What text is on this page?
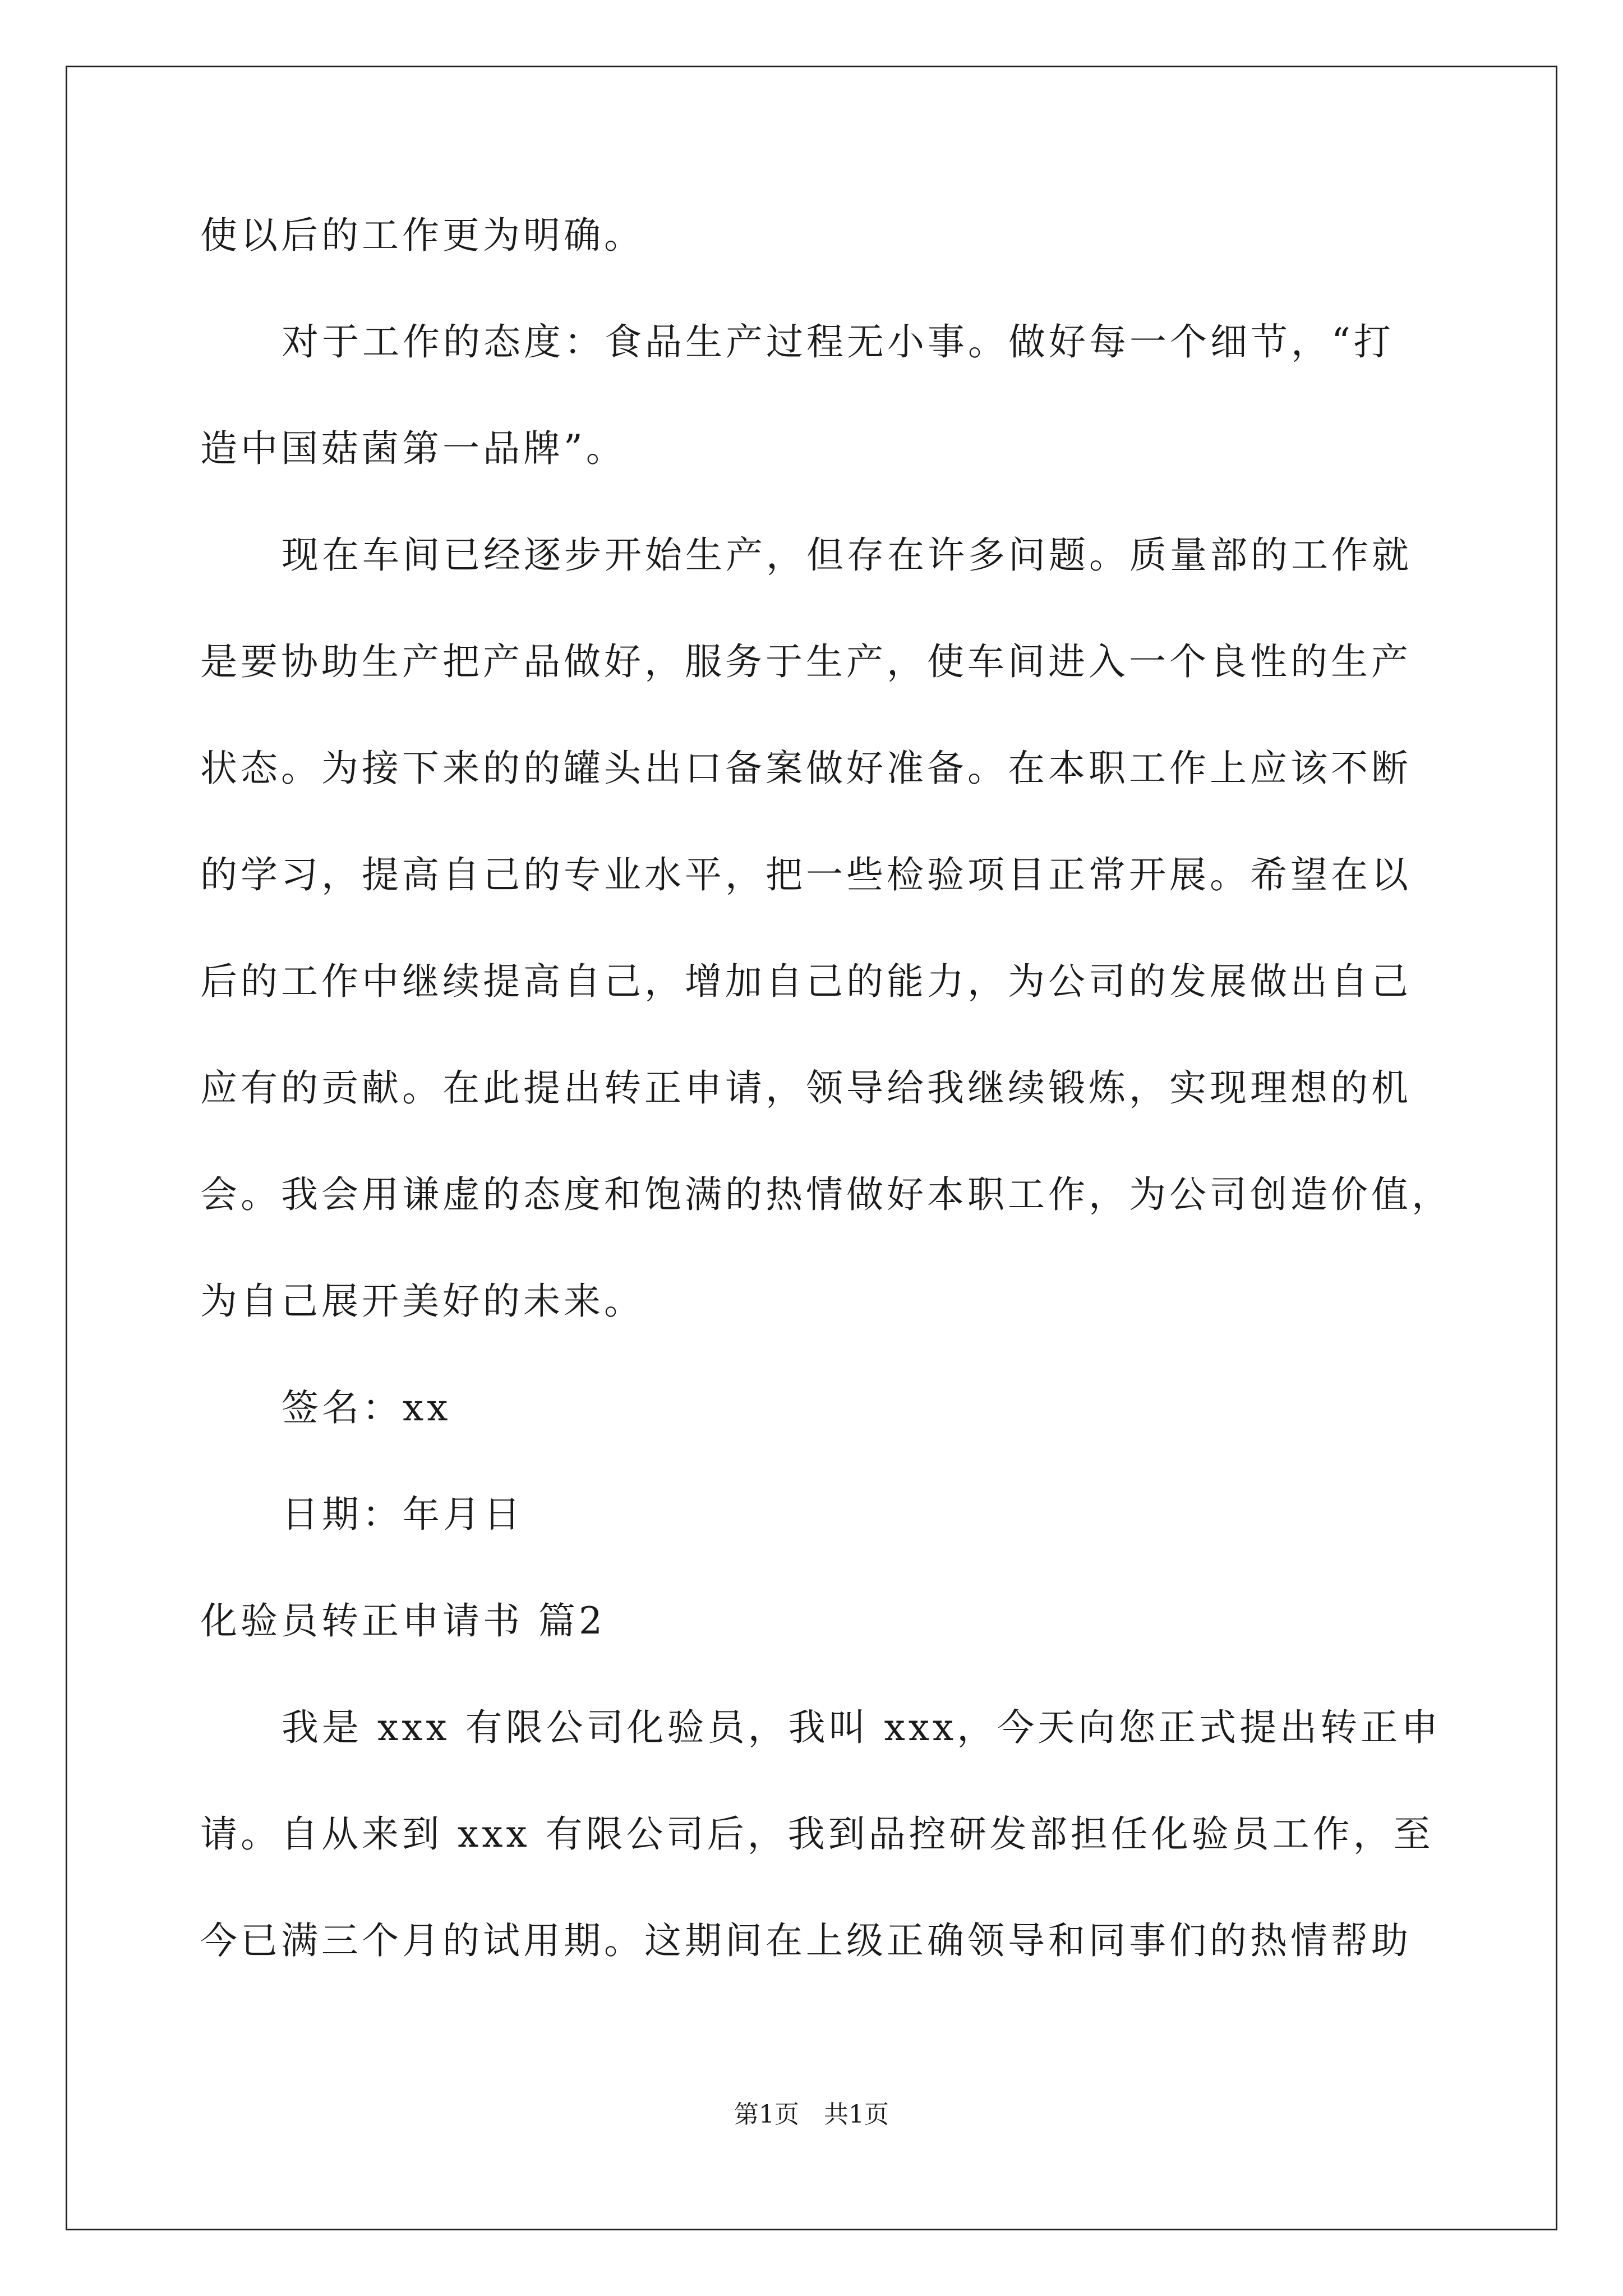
使以后的工作更为明确。
对于工作的态度：食品生产过程无小事。做好每一个细节，“打
造中国菇菌第一品牌”。
现在车间已经逐步开始生产，但存在许多问题。质量部的工作就
是要协助生产把产品做好，服务于生产，使车间进入一个良性的生产
状态。为接下来的的罐头出口备案做好准备。在本职工作上应该不断
的学习，提高自己的专业水平，把一些检验项目正常开展。希望在以
后的工作中继续提高自己，增加自己的能力，为公司的发展做出自己
应有的贡献。在此提出转正申请，领导给我继续锻炼，实现理想的机
会。我会用谦虚的态度和饱满的热情做好本职工作，为公司创造价值，
为自己展开美好的未来。
签名：xx
日期：年月日
化验员转正申请书 篇2
我是 xxx 有限公司化验员，我叫 xxx，今天向您正式提出转正申
请。自从来到 xxx 有限公司后，我到品控研发部担任化验员工作，至
今已满三个月的试用期。这期间在上级正确领导和同事们的热情帮助
第1页　共1页
